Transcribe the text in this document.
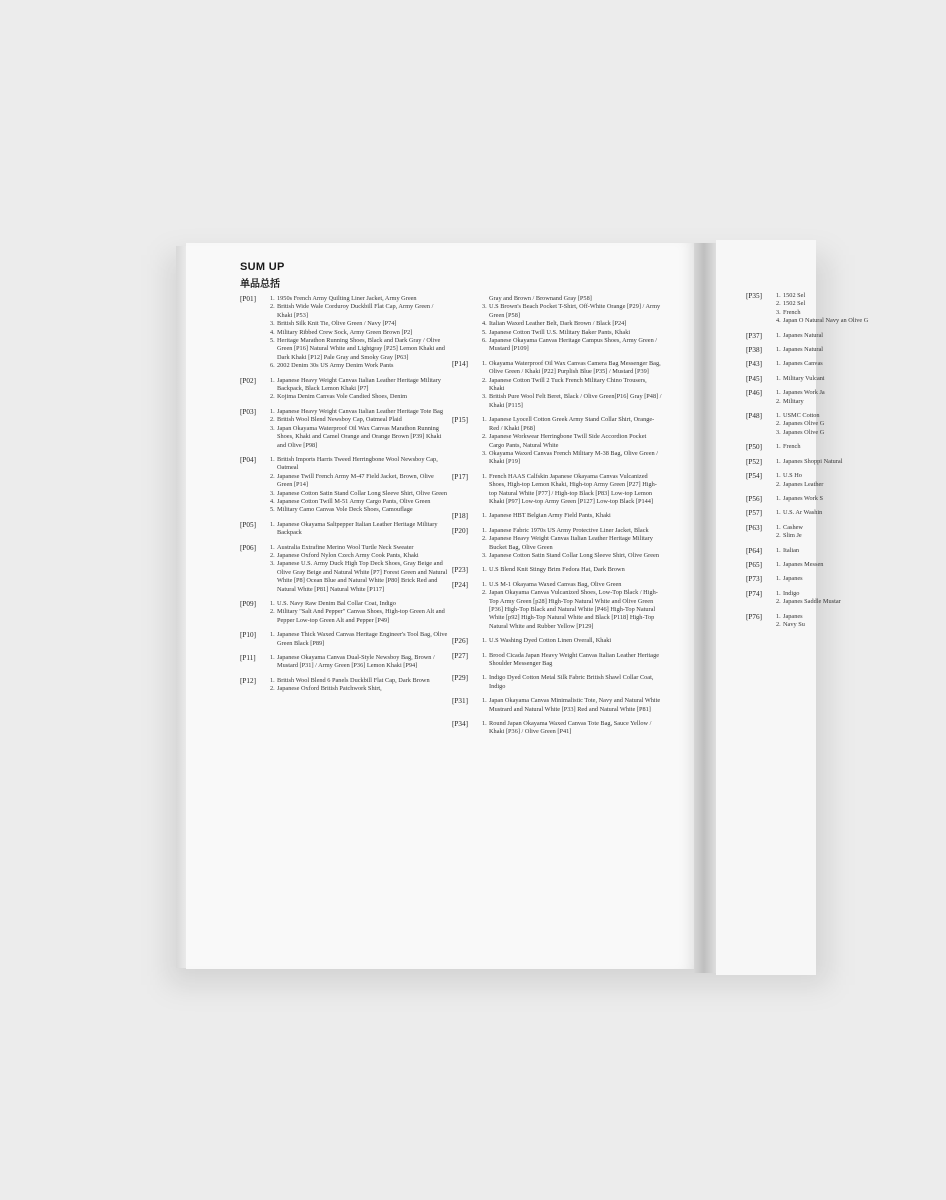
SUM UP
单品总括
[P01] 1. 1950s French Army Quilting Liner Jacket, Army Green
2. British Wide Wale Corduroy Duckbill Flat Cap, Army Green / Khaki [P53]
3. British Silk Knit Tie, Olive Green / Navy [P74]
4. Military Ribbed Crew Sock, Army Green Brown [P2]
5. Heritage Marathon Running Shoes, Black and Dark Gray / Olive Green [P16] Natural White and Lightgray [P25] Lemon Khaki and Dark Khaki [P12] Pale Gray and Smoky Gray [P63]
6. 2002 Denim 30s US Army Denim Work Pants
[P02] 1. Japanese Heavy Weight Canvas Italian Leather Heritage Military Backpack, Black Lemon Khaki [P7]
2. Kojima Denim Canvas Vole Candied Shoes, Denim
[P03] 1. Japanese Heavy Weight Canvas Italian Leather Heritage Tote Bag
2. British Wool Blend Newsboy Cap, Oatmeal Plaid
3. Japan Okayama Waterproof Oil Wax Canvas Marathon Running Shoes, Khaki and Camel Orange and Orange Brown [P39] Khaki and Olive [P98]
[P04] 1. British Imports Harris Tweed Herringbone Wool Newsboy Cap, Oatmeal
2. Japanese Twill French Army M-47 Field Jacket, Brown, Olive Green [P14]
3. Japanese Cotton Satin Stand Collar Long Sleeve Shirt, Olive Green
4. Japanese Cotton Twill M-51 Army Cargo Pants, Olive Green
5. Military Camo Canvas Vole Deck Shoes, Camouflage
[P05] 1. Japanese Okayama Saltpepper Italian Leather Heritage Military Backpack
[P06] 1. Australia Extrafine Merino Wool Turtle Neck Sweater
2. Japanese Oxford Nylon Czech Army Cook Pants, Khaki
3. Japanese U.S. Army Duck High Top Deck Shoes, Gray Beige and Olive Gray Beige and Natural White [P7] Forest Green and Natural White [P8] Ocean Blue and Natural White [P80] Brick Red and Natural White [P81] Natural White [P117]
[P09] 1. U.S. Navy Raw Denim Bal Collar Coat, Indigo
2. Military "Salt And Pepper" Canvas Shoes, High-top Green Alt and Pepper Low-top Green Alt and Pepper [P49]
[P10] 1. Japanese Thick Waxed Canvas Heritage Engineer's Tool Bag, Olive Green Black [P89]
[P11] 1. Japanese Okayama Canvas Dual-Style Newsboy Bag, Brown / Mustard [P31] / Army Green [P36] Lemon Khaki [P94]
[P12] 1. British Wool Blend 6 Panels Duckbill Flat Cap, Dark Brown
2. Japanese Oxford British Patchwork Shirt,
Gray and Brown / Brownand Gray [P58]
3. U.S Brown's Beach Pocket T-Shirt, Off-White Orange [P29] / Army Green [P58]
4. Italian Waxed Leather Belt, Dark Brown / Black [P24]
5. Japanese Cotton Twill U.S. Military Baker Pants, Khaki
6. Japanese Okayama Canvas Heritage Campus Shoes, Army Green / Mustard [P109]
[P14] 1. Okayama Waterproof Oil Wax Canvas Camera Bag Messenger Bag, Olive Green / Khaki [P22] Purplish Blue [P35] / Mustard [P39]
2. Japanese Cotton Twill 2 Tuck French Military Chino Trousers, Khaki
3. British Pure Wool Felt Beret, Black / Olive Green[P16] Gray [P48] / Khaki [P115]
[P15] 1. Japanese Lyocell Cotton Greek Army Stand Collar Shirt, Orange-Red / Khaki [P68]
2. Japanese Workwear Herringbone Twill Side Accordion Pocket Cargo Pants, Natural White
3. Okayama Waxed Canvas French Military M-38 Bag, Olive Green / Khaki [P19]
[P17] 1. French HAAS Calfskin Japanese Okayama Canvas Vulcanized Shoes, High-top Lemon Khaki, High-top Army Green [P27] High-top Natural White [P77] / High-top Black [P83] Low-top Lemon Khaki [P97] Low-top Army Green [P127] Low-top Black [P144]
[P18] 1. Japanese HBT Belgian Army Field Pants, Khaki
[P20] 1. Japanese Fabric 1970s US Army Protective Liner Jacket, Black
2. Japanese Heavy Weight Canvas Italian Leather Heritage Military Bucket Bag, Olive Green
3. Japanese Cotton Satin Stand Collar Long Sleeve Shirt, Olive Green
[P23] 1. U.S Blend Knit Stingy Brim Fedora Hat, Dark Brown
[P24] 1. U.S M-1 Okayama Waxed Canvas Bag, Olive Green
2. Japan Okayama Canvas Vulcanized Shoes, Low-Top Black / High-Top Army Green [p28] High-Top Natural White and Olive Green [P36] High-Top Black and Natural White [P46] High-Top Natural White [p92] High-Top Natural White and Black [P118] High-Top Natural White and Rubber Yellow [P129]
[P26] 1. U.S Washing Dyed Cotton Linen Overall, Khaki
[P27] 1. Brood Cicada Japan Heavy Weight Canvas Italian Leather Heritage Shoulder Messenger Bag
[P29] 1. Indigo Dyed Cotton Metal Silk Fabric British Shawl Collar Coat, Indigo
[P31] 1. Japan Okayama Canvas Minimalistic Tote, Navy and Natural White Mustrard and Natural White [P33] Red and Natural White [P81]
[P34] 1. Round Japan Okayama Waxed Canvas Tote Bag, Sauce Yellow / Khaki [P36] / Olive Green [P41]
[P35] 1. 1502 Sel
2. 1502 Sel
3. French
4. Japan O Natural Navy an Olive G
[P37] 1. Japanes Natural
[P38] 1. Japanes Natural
[P43] 1. Japanes Canvas
[P45] 1. Military Vulcani
[P46] 1. Japanes Work Ja
2. Military
[P48] 1. USMC Cotton
2. Japanes Olive G
3. Japanes Olive G
[P50] 1. French
[P52] 1. Japanes Shoppi Natural
[P54] 1. U.S Ho
2. Japanes Leather
[P56] 1. Japanes Work S
[P57] 1. U.S. Ar Washin
[P63] 1. Cashew
2. Slim Je
[P64] 1. Italian
[P65] 1. Japanes Messen
[P73] 1. Japanes
[P74] 1. Indigo
2. Japanes Saddle Mustar
[P76] 1. Japanes
2. Navy Su
